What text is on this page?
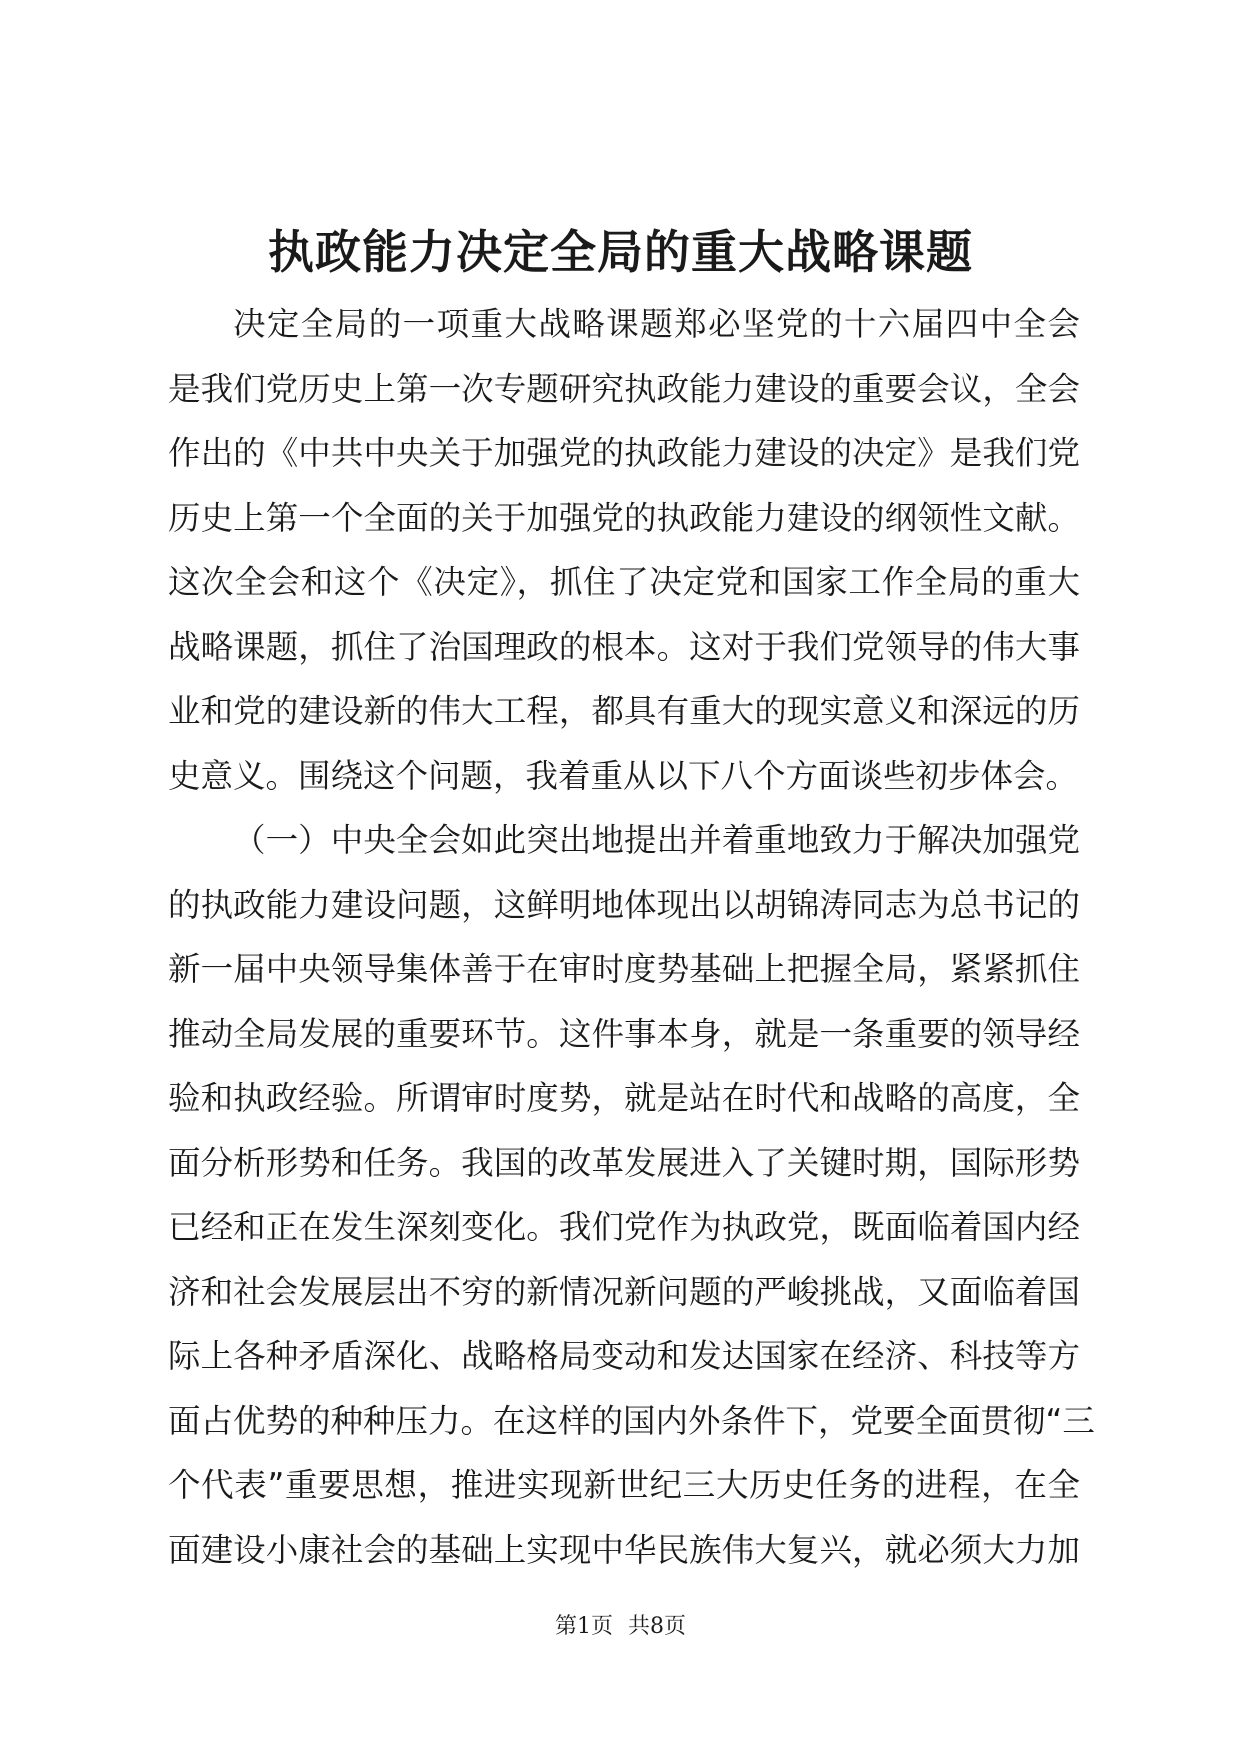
执政能力决定全局的重大战略课题
决定全局的一项重大战略课题郑必坚党的十六届四中全会
是我们党历史上第一次专题研究执政能力建设的重要会议，全会
作出的《中共中央关于加强党的执政能力建设的决定》是我们党
历史上第一个全面的关于加强党的执政能力建设的纲领性文献。
这次全会和这个《决定》，抓住了决定党和国家工作全局的重大
战略课题，抓住了治国理政的根本。这对于我们党领导的伟大事
业和党的建设新的伟大工程，都具有重大的现实意义和深远的历
史意义。围绕这个问题，我着重从以下八个方面谈些初步体会。
（一）中央全会如此突出地提出并着重地致力于解决加强党
的执政能力建设问题，这鲜明地体现出以胡锦涛同志为总书记的
新一届中央领导集体善于在审时度势基础上把握全局，紧紧抓住
推动全局发展的重要环节。这件事本身，就是一条重要的领导经
验和执政经验。所谓审时度势，就是站在时代和战略的高度，全
面分析形势和任务。我国的改革发展进入了关键时期，国际形势
已经和正在发生深刻变化。我们党作为执政党，既面临着国内经
济和社会发展层出不穷的新情况新问题的严峻挑战，又面临着国
际上各种矛盾深化、战略格局变动和发达国家在经济、科技等方
面占优势的种种压力。在这样的国内外条件下，党要全面贯彻“三
个代表”重要思想，推进实现新世纪三大历史任务的进程，在全
面建设小康社会的基础上实现中华民族伟大复兴，就必须大力加
第1页 共8页
